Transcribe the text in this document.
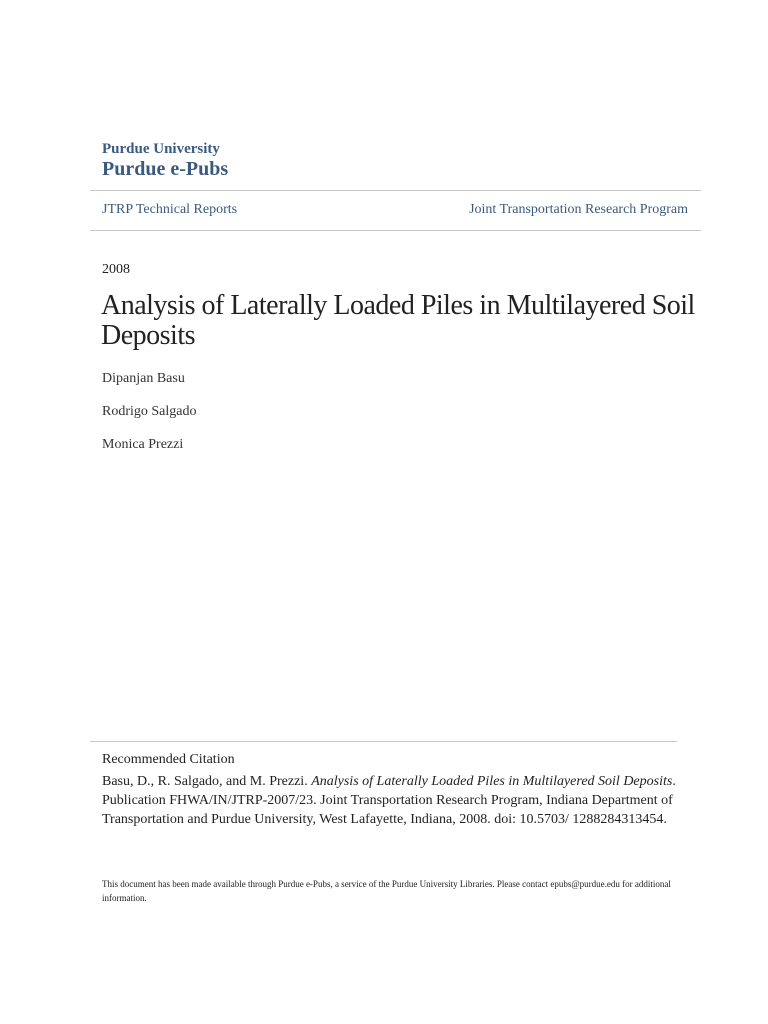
Purdue University
Purdue e-Pubs
JTRP Technical Reports	Joint Transportation Research Program
2008
Analysis of Laterally Loaded Piles in Multilayered Soil Deposits
Dipanjan Basu
Rodrigo Salgado
Monica Prezzi
Recommended Citation
Basu, D., R. Salgado, and M. Prezzi. Analysis of Laterally Loaded Piles in Multilayered Soil Deposits. Publication FHWA/IN/JTRP-2007/23. Joint Transportation Research Program, Indiana Department of Transportation and Purdue University, West Lafayette, Indiana, 2008. doi: 10.5703/ 1288284313454.
This document has been made available through Purdue e-Pubs, a service of the Purdue University Libraries. Please contact epubs@purdue.edu for additional information.
